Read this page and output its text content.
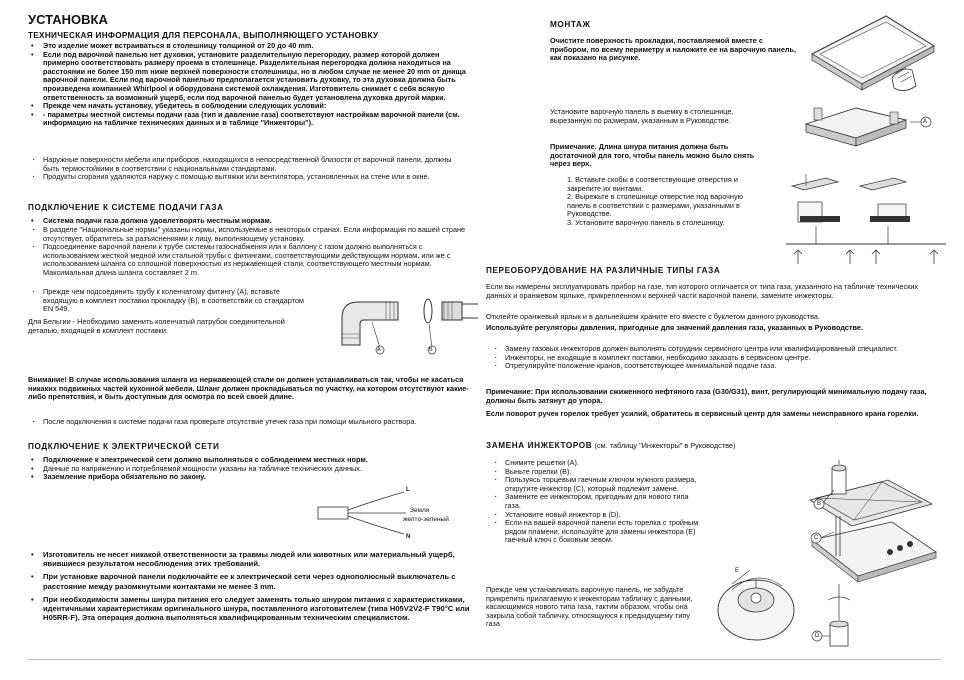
УСТАНОВКА
ТЕХНИЧЕСКАЯ ИНФОРМАЦИЯ ДЛЯ ПЕРСОНАЛА, ВЫПОЛНЯЮЩЕГО УСТАНОВКУ
• Это изделие может встраиваться в столешницу толщиной от 20 до 40 mm.
• Если под варочной панелью нет духовки, установите разделительную перегородку, размер которой должен примерно соответствовать размеру проема в столешнице. Разделительная перегородка должна находиться на расстоянии не более 150 mm ниже верхней поверхности столешницы, но в любом случае не менее 20 mm от днища варочной панели. Если под варочной панелью предполагается установить духовку, то эта духовка должна быть произведена компанией Whirlpool и оборудована системой охлаждения. Изготовитель снимает с себя всякую ответственность за возможный ущерб, если под варочной панелью будет установлена духовка другой марки.
• Прежде чем начать установку, убедитесь в соблюдении следующих условий:
• - параметры местной системы подачи газа (тип и давление газа) соответствуют настройкам варочной панели (см. информацию на табличке технических данных и в таблице "Инжекторы").
· Наружные поверхности мебели или приборов, находящихся в непосредственной близости от варочной панели, должны быть термостойкими в соответствии с национальными стандартами.
· Продукты сгорания удаляются наружу с помощью вытяжки или вентилятора, установленных на стене или в окне.
ПОДКЛЮЧЕНИЕ К СИСТЕМЕ ПОДАЧИ ГАЗА
• Система подачи газа должна удовлетворять местным нормам.
· В разделе "Национальные нормы" указаны нормы, используемые в некоторых странах. Если информация по вашей стране отсутствует, обратитесь за разъяснениями к лицу, выполняющему установку.
· Подсоединение варочной панели к трубе системы газоснабжения или к баллону с газом должно выполняться с использованием жесткой медной или стальной трубы с фитингами, соответствующими действующим нормам, или же с использованием шланга со сплошной поверхностью из нержавеющей стали, соответствующего местным нормам. Максимальная длина шланга составляет 2 m.
· Прежде чем подсоединить трубу к коленчатому фитингу (A), вставьте входящую в комплект поставки прокладку (B), в соответствии со стандартом EN 549.
Для Бельгии - Необходимо заменить коленчатый патрубок соединительной деталью, входящей в комплект поставки.
A	B
Внимание! В случае использования шланга из нержавеющей стали он должен устанавливаться так, чтобы не касаться никаких подвижных частей кухонной мебели. Шланг должен прокладываться по участку, на котором отсутствуют какие-либо препятствия, и быть доступным для осмотра по всей своей длине.
· После подключения к системе подачи газа проверьте отсутствие утечек газа при помощи мыльного раствора.
ПОДКЛЮЧЕНИЕ К ЭЛЕКТРИЧЕСКОЙ СЕТИ
• Подключение к электрической сети должно выполняться с соблюдением местных норм.
• Данные по напряжению и потребляемой мощности указаны на табличке технических данных.
• Заземление прибора обязательно по закону.
L
Земля
желто-зеленый
N
• Изготовитель не несет никакой ответственности за травмы людей или животных или материальный ущерб, явившиеся результатом несоблюдения этих требований.
• При установке варочной панели подключайте ее к электрической сети через однополюсный выключатель с расстояние между разомкнутыми контактами не менее 3 mm.
• При необходимости замены шнура питания его следует заменять только шнуром питания с характеристиками, идентичными характеристикам оригинального шнура, поставленного изготовителем (типа H05V2V2-F T90°C или H05RR-F). Эта операция должна выполняться квалифицированным техническим специалистом.
МОНТАЖ
Очистите поверхность прокладки, поставляемой вместе с прибором, по всему периметру и наложите ее на варочную панель, как показано на рисунке.
Установите варочную панель в выемку в столешнице, вырезанную по размерам, указанным в Руководстве.
Примечание. Длина шнура питания должна быть достаточной для того, чтобы панель можно было снять через верх.
1. Вставьте скобы в соответствующие отверстия и закрепите их винтами.
2. Вырежьте в столешнице отверстие под варочную панель в соответствии с размерами, указанными в Руководстве.
3. Установите варочную панель в столешницу.
A
ПЕРЕОБОРУДОВАНИЕ НА РАЗЛИЧНЫЕ ТИПЫ ГАЗА
Если вы намерены эксплуатировать прибор на газе, тип которого отличается от типа газа, указанного на табличке технических данных и оранжевом ярлыке, прикрепленном к верхней части варочной панели, замените инжекторы.
Отклейте оранжевый ярлык и в дальнейшем храните его вместе с буклетом данного руководства.
Используйте регуляторы давления, пригодные для значений давления газа, указанных в Руководстве.
· Замену газовых инжекторов должен выполнять сотрудник сервисного центра или квалифицированный специалист.
· Инжекторы, не входящие в комплект поставки, необходимо заказать в сервисном центре.
· Отрегулируйте положение кранов, соответствующее минимальной подаче газа.
Примечание: При использовании сжиженного нефтяного газа (G30/G31), винт, регулирующий минимальную подачу газа, должны быть затянут до упора.
Если поворот ручек горелок требует усилий, обратитесь в сервисный центр для замены неисправного крана горелки.
ЗАМЕНА ИНЖЕКТОРОВ (см. таблицу "Инжекторы" в Руководстве)
· Снимите решетки (A).
· Выньте горелки (B).
· Пользуясь торцевым гаечным ключом нужного размера, открутите инжектор (C), который подлежит замене.
· Замените ее инжектором, пригодным для нового типа газа.
· Установите новый инжектор в (D).
· Если на вашей варочной панели есть горелка с тройным рядом пламени, используйте для замены инжектора (E) гаечный ключ с боковым зевом.
Прежде чем устанавливать варочную панель, не забудьте прикрепить прилагаемую к инжекторам табличку с данными, касающимися нового типа газа, тактим образом, чтобы она закрыла собой табличку, относящуюся к предыдущему типу газа
B
C
E
D
